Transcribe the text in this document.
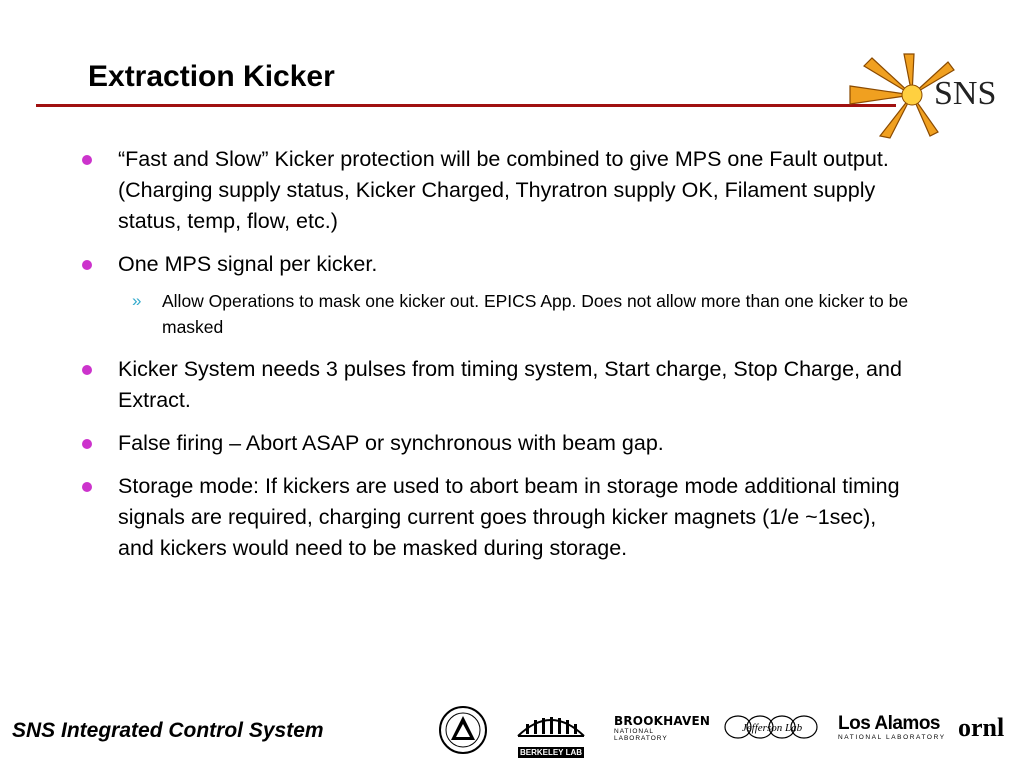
Extraction Kicker	SNS
“Fast and Slow” Kicker protection will be combined to give MPS one Fault output. (Charging supply status, Kicker Charged, Thyratron supply OK, Filament supply status, temp, flow, etc.)
One MPS signal per kicker.
» Allow Operations to mask one kicker out. EPICS App. Does not allow more than one kicker to be masked
Kicker System needs 3 pulses from timing system, Start charge, Stop Charge, and Extract.
False firing – Abort ASAP or synchronous with beam gap.
Storage mode: If kickers are used to abort beam in storage mode additional timing signals are required, charging current goes through kicker magnets (1/e ~1sec), and kickers would need to be masked during storage.
SNS Integrated Control System
BERKELEY LAB
BROOKHAVEN
NATIONAL LABORATORY
Jefferson Lab Los Alamos
NATIONAL LABORATORY ornl
